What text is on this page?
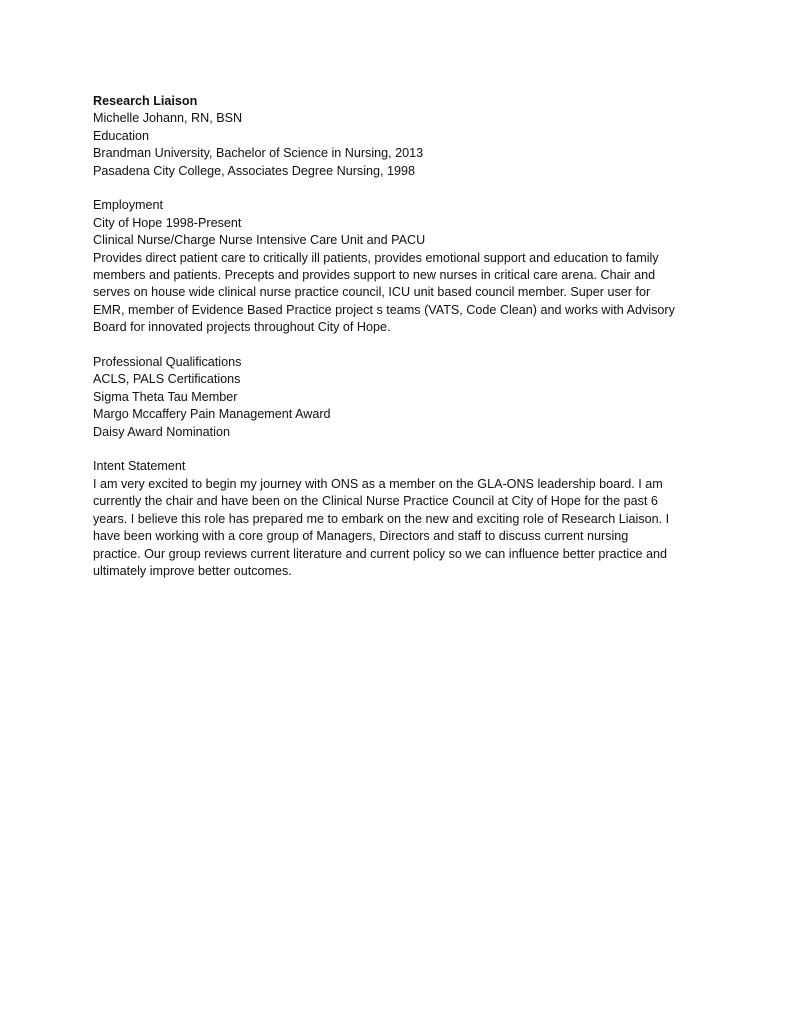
Research Liaison
Michelle Johann, RN, BSN
Education
Brandman University, Bachelor of Science in Nursing, 2013
Pasadena City College, Associates Degree Nursing, 1998
Employment
City of Hope 1998-Present
Clinical Nurse/Charge Nurse Intensive Care Unit and PACU
Provides direct patient care to critically ill patients, provides emotional support and education to family
members and patients. Precepts and provides support to new nurses in critical care arena. Chair and
serves on house wide clinical nurse practice council, ICU unit based council member. Super user for
EMR, member of Evidence Based Practice project s teams (VATS, Code Clean) and works with Advisory
Board for innovated projects throughout City of Hope.
Professional Qualifications
ACLS, PALS Certifications
Sigma Theta Tau Member
Margo Mccaffery Pain Management Award
Daisy Award Nomination
Intent Statement
I am very excited to begin my journey with ONS as a member on the GLA-ONS leadership board. I am
currently the chair and have been on the Clinical Nurse Practice Council at City of Hope for the past 6
years. I believe this role has prepared me to embark on the new and exciting role of Research Liaison. I
have been working with a core group of Managers, Directors and staff to discuss current nursing
practice. Our group reviews current literature and current policy so we can influence better practice and
ultimately improve better outcomes.
